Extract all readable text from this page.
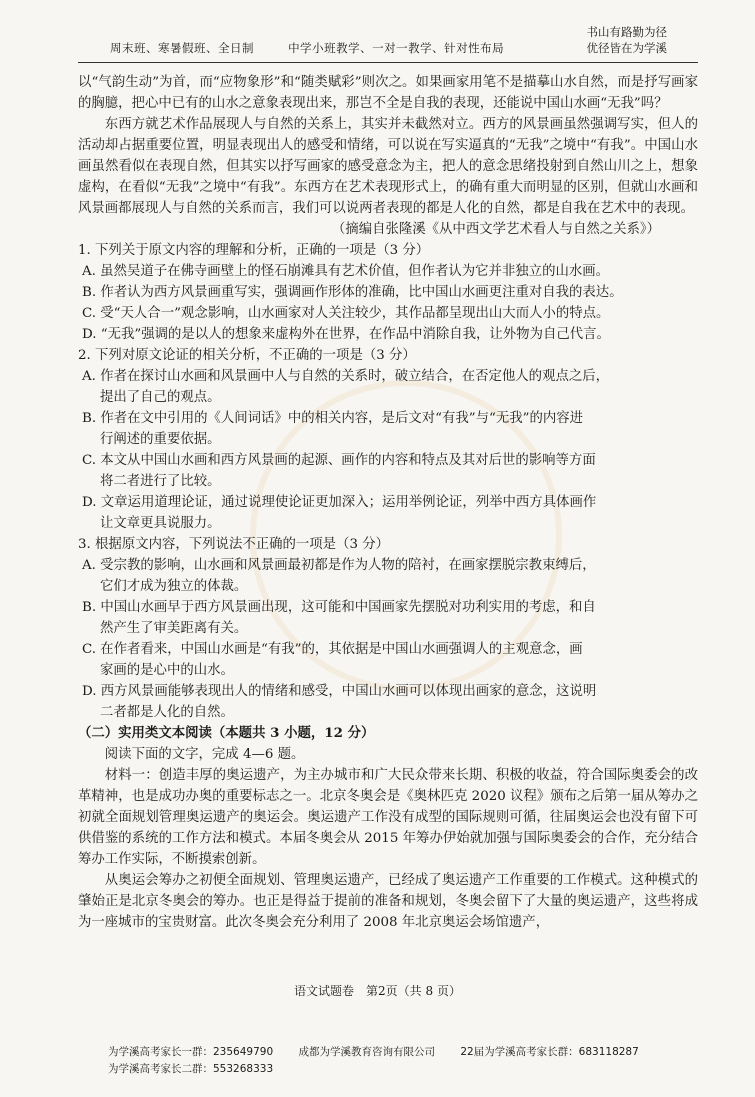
周末班、寒暑假班、全日制	中学小班教学、一对一教学、针对性布局
书山有路勤为径
优径皆在为学溪

以“气韵生动”为首，而“应物象形”和“随类赋彩”则次之。如果画家用笔不是描摹山水自然，而是抒写画家的胸臆，把心中已有的山水之意象表现出来，那岂不全是自我的表现，还能说中国山水画“无我”吗？

东西方就艺术作品展现人与自然的关系上，其实并未截然对立。西方的风景画虽然强调写实，但人的活动却占据重要位置，明显表现出人的感受和情绪，可以说在写实逼真的“无我”之境中“有我”。中国山水画虽然看似在表现自然，但其实以抒写画家的感受意念为主，把人的意念思绪投射到自然山川之上，想象虚构，在看似“无我”之境中“有我”。东西方在艺术表现形式上，的确有重大而明显的区别，但就山水画和风景画都展现人与自然的关系而言，我们可以说两者表现的都是人化的自然，都是自我在艺术中的表现。

（摘编自张隆溪《从中西文学艺术看人与自然之关系》）

1. 下列关于原文内容的理解和分析，正确的一项是（3 分）

A. 虽然吴道子在佛寺画壁上的怪石崩滩具有艺术价值，但作者认为它并非独立的山水画。

B. 作者认为西方风景画重写实，强调画作形体的准确，比中国山水画更注重对自我的表达。

C. 受“天人合一”观念影响，山水画家对人关注较少，其作品都呈现出山大而人小的特点。

D. “无我”强调的是以人的想象来虚构外在世界，在作品中消除自我，让外物为自己代言。

2. 下列对原文论证的相关分析，不正确的一项是（3 分）

A. 作者在探讨山水画和风景画中人与自然的关系时，破立结合，在否定他人的观点之后，

提出了自己的观点。

B. 作者在文中引用的《人间词话》中的相关内容，是后文对“有我”与“无我”的内容进

行阐述的重要依据。

C. 本文从中国山水画和西方风景画的起源、画作的内容和特点及其对后世的影响等方面

将二者进行了比较。

D. 文章运用道理论证，通过说理使论证更加深入；运用举例论证，列举中西方具体画作

让文章更具说服力。

3. 根据原文内容，下列说法不正确的一项是（3 分）

A. 受宗教的影响，山水画和风景画最初都是作为人物的陪衬，在画家摆脱宗教束缚后，

它们才成为独立的体裁。

B. 中国山水画早于西方风景画出现，这可能和中国画家先摆脱对功利实用的考虑，和自

然产生了审美距离有关。

C. 在作者看来，中国山水画是“有我”的，其依据是中国山水画强调人的主观意念，画

家画的是心中的山水。

D. 西方风景画能够表现出人的情绪和感受，中国山水画可以体现出画家的意念，这说明

二者都是人化的自然。

（二）实用类文本阅读（本题共 3 小题，12 分）

阅读下面的文字，完成 4—6 题。

材料一：创造丰厚的奥运遗产，为主办城市和广大民众带来长期、积极的收益，符合国际奥委会的改革精神，也是成功办奥的重要标志之一。北京冬奥会是《奥林匹克 2020 议程》颁布之后第一届从筹办之初就全面规划管理奥运遗产的奥运会。奥运遗产工作没有成型的国际规则可循，往届奥运会也没有留下可供借鉴的系统的工作方法和模式。本届冬奥会从 2015 年筹办伊始就加强与国际奥委会的合作，充分结合筹办工作实际，不断摸索创新。

从奥运会筹办之初便全面规划、管理奥运遗产，已经成了奥运遗产工作重要的工作模式。这种模式的肇始正是北京冬奥会的筹办。也正是得益于提前的准备和规划，冬奥会留下了大量的奥运遗产，这些将成为一座城市的宝贵财富。此次冬奥会充分利用了 2008 年北京奥运会场馆遗产，

语文试题卷　第2页（共 8 页）
为学溪高考家长一群：235649790 成都为学溪教育咨询有限公司 22届为学溪高考家长群：683118287
为学溪高考家长二群：553268333
